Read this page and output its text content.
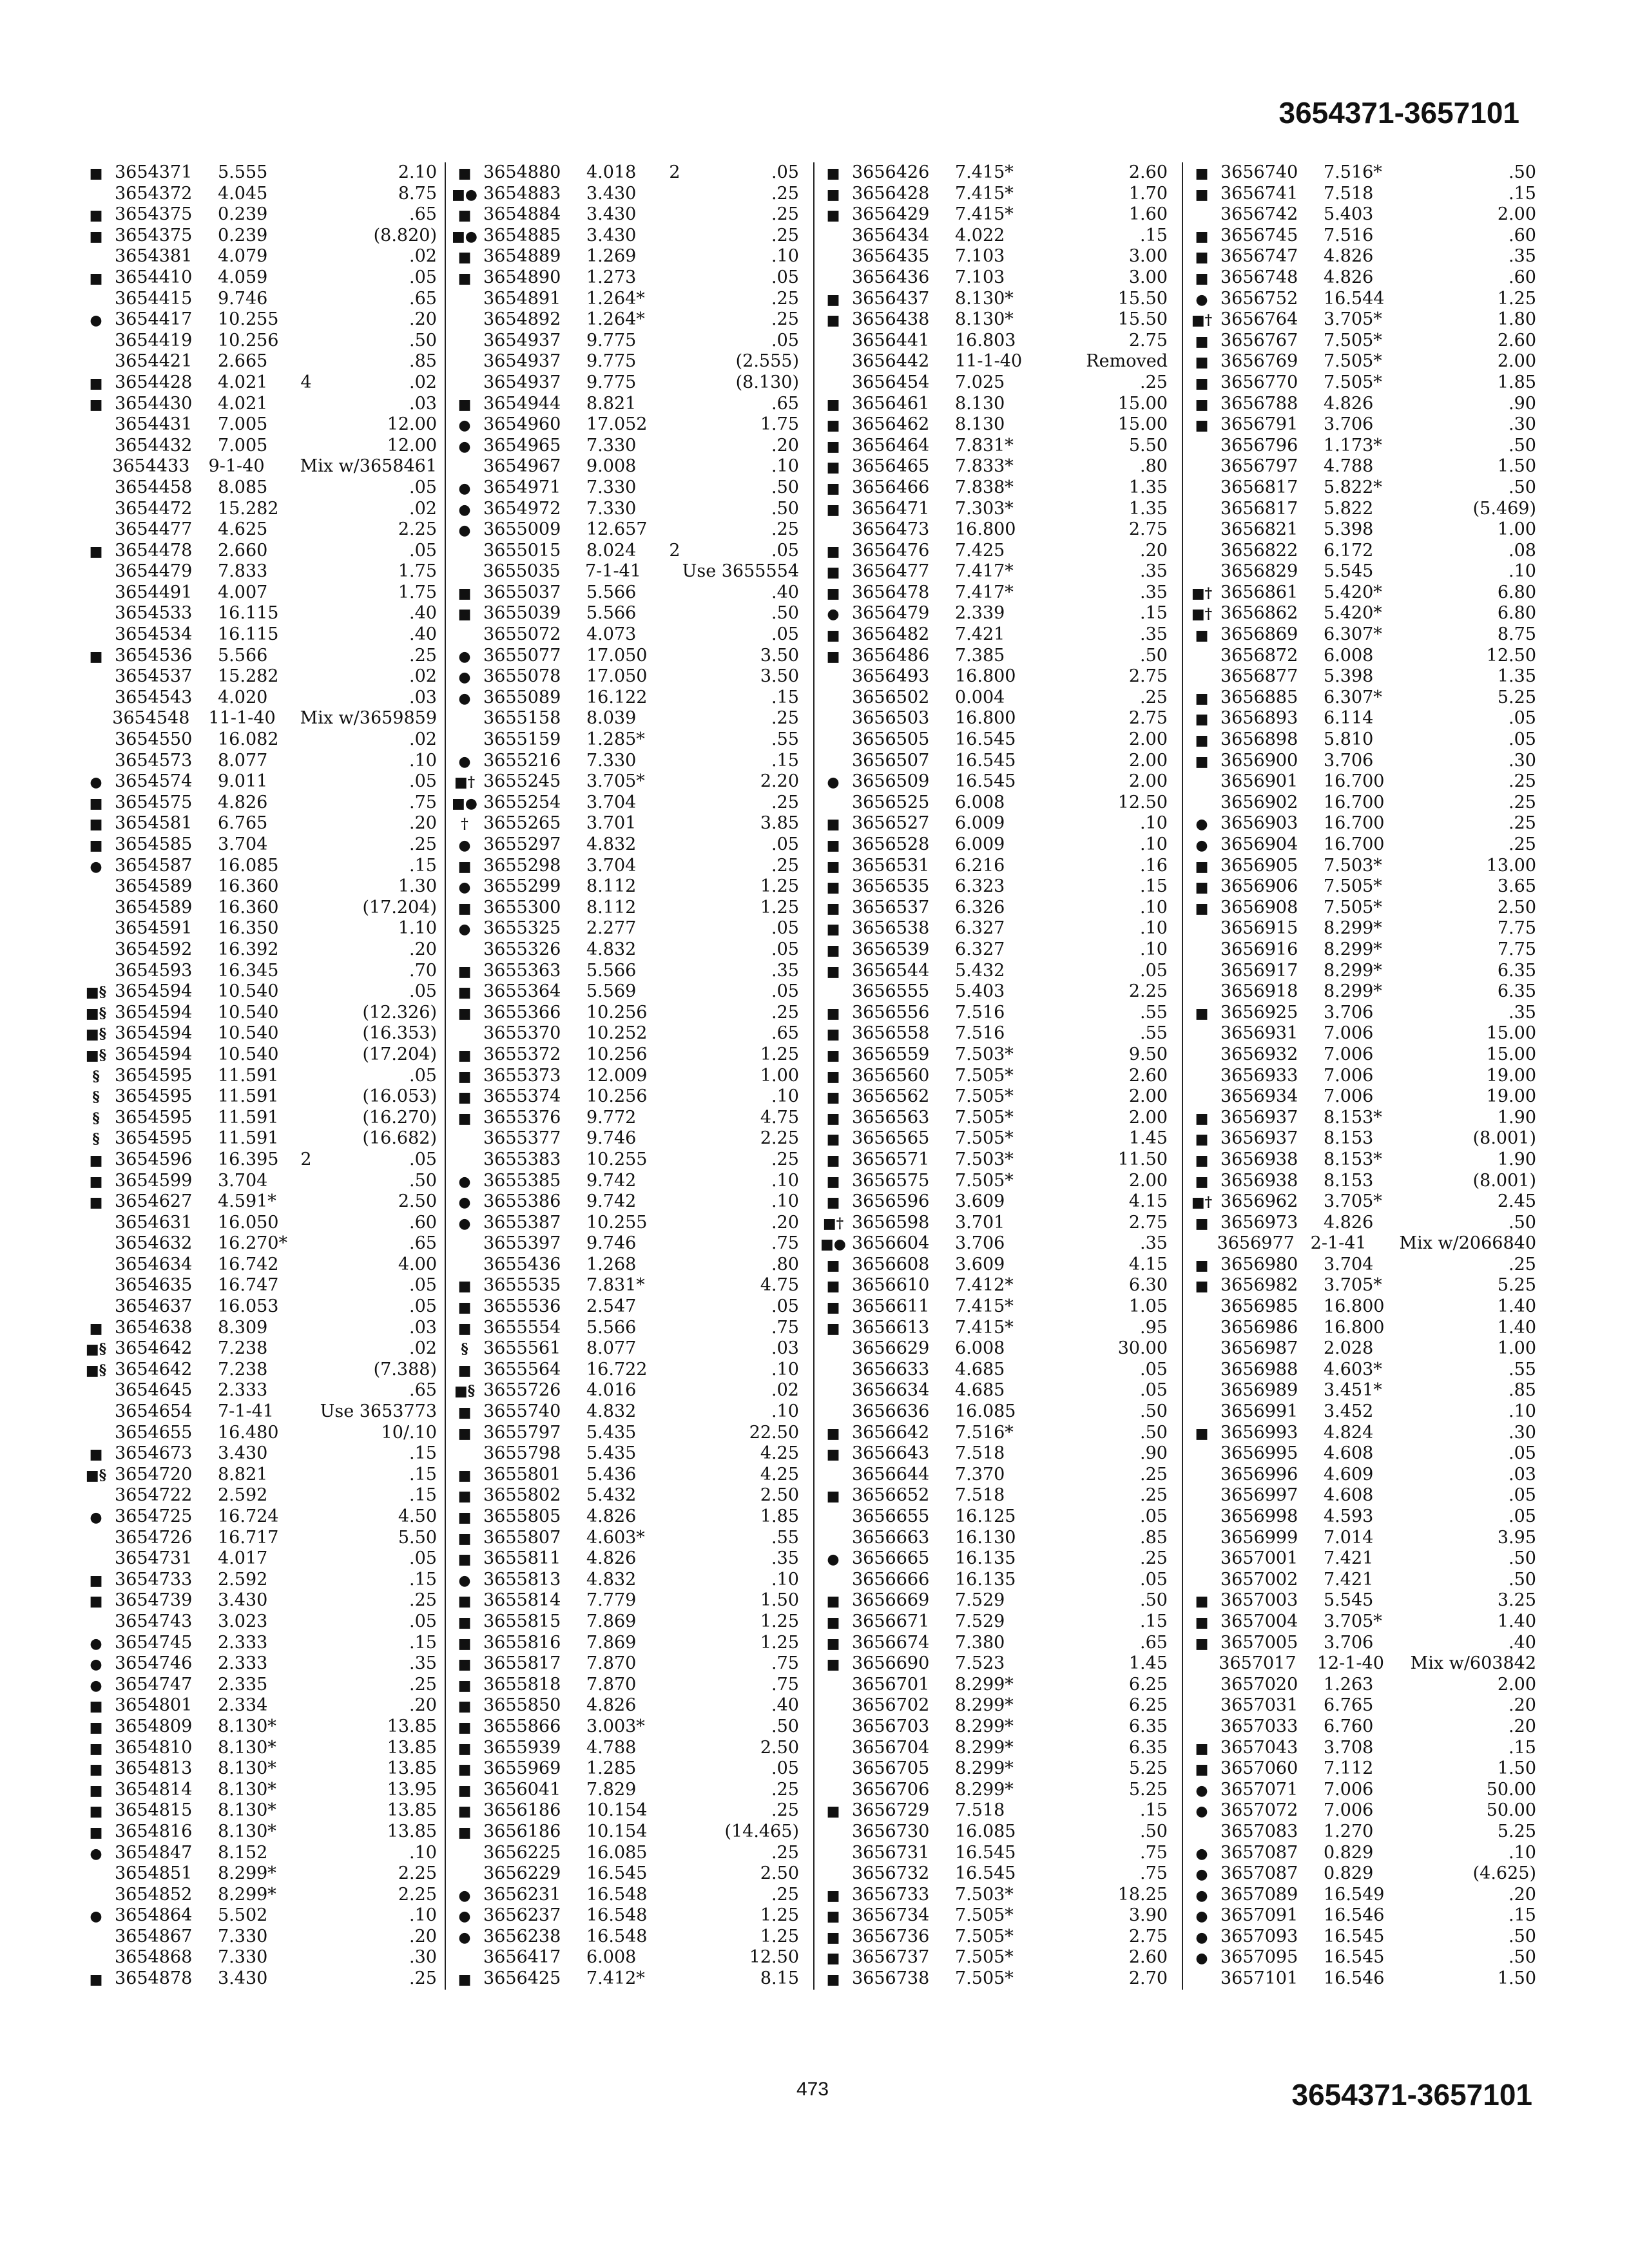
3654371-3657101
■ 3654371	5.555	2.10
3654372	4.045	8.75
■ 3654375	0.239	.65
■ 3654375	0.239	(8.820)
3654381	4.079	.02
■ 3654410	4.059	.05
3654415	9.746	.65
● 3654417	10.255	.20
3654419	10.256	.50
3654421	2.665	.85
■ 3654428	4.021	4	.02
■ 3654430	4.021	.03
3654431	7.005	12.00
3654432	7.005	12.00
3654433	9-1-40	Mix w/3658461
3654458	8.085	.05
3654472	15.282	.02
3654477	4.625	2.25
■ 3654478	2.660	.05
3654479	7.833	1.75
3654491	4.007	1.75
3654533	16.115	.40
3654534	16.115	.40
■ 3654536	5.566	.25
3654537	15.282	.02
3654543	4.020	.03
3654548	11-1-40	Mix w/3659859
3654550	16.082	.02
3654573	8.077	.10
● 3654574	9.011	.05
■ 3654575	4.826	.75
■ 3654581	6.765	.20
■ 3654585	3.704	.25
● 3654587	16.085	.15
3654589	16.360	1.30
3654589	16.360	(17.204)
3654591	16.350	1.10
3654592	16.392	.20
3654593	16.345	.70
■§ 3654594	10.540	.05
■§ 3654594	10.540	(12.326)
■§ 3654594	10.540	(16.353)
■§ 3654594	10.540	(17.204)
§ 3654595	11.591	.05
§ 3654595	11.591	(16.053)
§ 3654595	11.591	(16.270)
§ 3654595	11.591	(16.682)
■ 3654596	16.395	2	.05
■ 3654599	3.704	.50
■ 3654627	4.591*	2.50
3654631	16.050	.60
3654632	16.270*	.65
3654634	16.742	4.00
3654635	16.747	.05
3654637	16.053	.05
■ 3654638	8.309	.03
■§ 3654642	7.238	.02
■§ 3654642	7.238	(7.388)
3654645	2.333	.65
3654654	7-1-41	Use 3653773
3654655	16.480	10/.10
■ 3654673	3.430	.15
■§ 3654720	8.821	.15
3654722	2.592	.15
● 3654725	16.724	4.50
3654726	16.717	5.50
3654731	4.017	.05
■ 3654733	2.592	.15
■ 3654739	3.430	.25
3654743	3.023	.05
● 3654745	2.333	.15
● 3654746	2.333	.35
● 3654747	2.335	.25
■ 3654801	2.334	.20
■ 3654809	8.130*	13.85
■ 3654810	8.130*	13.85
■ 3654813	8.130*	13.85
■ 3654814	8.130*	13.95
■ 3654815	8.130*	13.85
■ 3654816	8.130*	13.85
● 3654847	8.152	.10
3654851	8.299*	2.25
3654852	8.299*	2.25
● 3654864	5.502	.10
3654867	7.330	.20
3654868	7.330	.30
■ 3654878	3.430	.25
■ 3654880	4.018	2	.05
■● 3654883	3.430	.25
■ 3654884	3.430	.25
■● 3654885	3.430	.25
■ 3654889	1.269	.10
■ 3654890	1.273	.05
3654891	1.264*	.25
3654892	1.264*	.25
3654937	9.775	.05
3654937	9.775	(2.555)
3654937	9.775	(8.130)
■ 3654944	8.821	.65
● 3654960	17.052	1.75
● 3654965	7.330	.20
3654967	9.008	.10
● 3654971	7.330	.50
● 3654972	7.330	.50
● 3655009	12.657	.25
3655015	8.024	2	.05
3655035	7-1-41	Use 3655554
■ 3655037	5.566	.40
■ 3655039	5.566	.50
3655072	4.073	.05
● 3655077	17.050	3.50
● 3655078	17.050	3.50
● 3655089	16.122	.15
3655158	8.039	.25
3655159	1.285*	.55
● 3655216	7.330	.15
■† 3655245	3.705*	2.20
■● 3655254	3.704	.25
† 3655265	3.701	3.85
● 3655297	4.832	.05
■ 3655298	3.704	.25
● 3655299	8.112	1.25
■ 3655300	8.112	1.25
● 3655325	2.277	.05
3655326	4.832	.05
■ 3655363	5.566	.35
■ 3655364	5.569	.05
■ 3655366	10.256	.25
3655370	10.252	.65
■ 3655372	10.256	1.25
■ 3655373	12.009	1.00
■ 3655374	10.256	.10
■ 3655376	9.772	4.75
3655377	9.746	2.25
3655383	10.255	.25
● 3655385	9.742	.10
● 3655386	9.742	.10
● 3655387	10.255	.20
3655397	9.746	.75
3655436	1.268	.80
■ 3655535	7.831*	4.75
■ 3655536	2.547	.05
■ 3655554	5.566	.75
§ 3655561	8.077	.03
■ 3655564	16.722	.10
■§ 3655726	4.016	.02
■ 3655740	4.832	.10
■ 3655797	5.435	22.50
3655798	5.435	4.25
■ 3655801	5.436	4.25
■ 3655802	5.432	2.50
■ 3655805	4.826	1.85
■ 3655807	4.603*	.55
■ 3655811	4.826	.35
● 3655813	4.832	.10
■ 3655814	7.779	1.50
■ 3655815	7.869	1.25
■ 3655816	7.869	1.25
■ 3655817	7.870	.75
■ 3655818	7.870	.75
■ 3655850	4.826	.40
■ 3655866	3.003*	.50
■ 3655939	4.788	2.50
■ 3655969	1.285	.05
■ 3656041	7.829	.25
■ 3656186	10.154	.25
■ 3656186	10.154	(14.465)
3656225	16.085	.25
3656229	16.545	2.50
● 3656231	16.548	.25
● 3656237	16.548	1.25
● 3656238	16.548	1.25
3656417	6.008	12.50
■ 3656425	7.412*	8.15
■ 3656426	7.415*	2.60
■ 3656428	7.415*	1.70
■ 3656429	7.415*	1.60
3656434	4.022	.15
3656435	7.103	3.00
3656436	7.103	3.00
■ 3656437	8.130*	15.50
■ 3656438	8.130*	15.50
3656441	16.803	2.75
3656442	11-1-40	Removed
3656454	7.025	.25
■ 3656461	8.130	15.00
■ 3656462	8.130	15.00
■ 3656464	7.831*	5.50
■ 3656465	7.833*	.80
■ 3656466	7.838*	1.35
■ 3656471	7.303*	1.35
3656473	16.800	2.75
■ 3656476	7.425	.20
■ 3656477	7.417*	.35
■ 3656478	7.417*	.35
● 3656479	2.339	.15
■ 3656482	7.421	.35
■ 3656486	7.385	.50
3656493	16.800	2.75
3656502	0.004	.25
3656503	16.800	2.75
3656505	16.545	2.00
3656507	16.545	2.00
● 3656509	16.545	2.00
3656525	6.008	12.50
■ 3656527	6.009	.10
■ 3656528	6.009	.10
■ 3656531	6.216	.16
■ 3656535	6.323	.15
■ 3656537	6.326	.10
■ 3656538	6.327	.10
■ 3656539	6.327	.10
■ 3656544	5.432	.05
3656555	5.403	2.25
■ 3656556	7.516	.55
■ 3656558	7.516	.55
■ 3656559	7.503*	9.50
■ 3656560	7.505*	2.60
■ 3656562	7.505*	2.00
■ 3656563	7.505*	2.00
■ 3656565	7.505*	1.45
■ 3656571	7.503*	11.50
■ 3656575	7.505*	2.00
■ 3656596	3.609	4.15
■† 3656598	3.701	2.75
■● 3656604	3.706	.35
■ 3656608	3.609	4.15
■ 3656610	7.412*	6.30
■ 3656611	7.415*	1.05
■ 3656613	7.415*	.95
3656629	6.008	30.00
3656633	4.685	.05
3656634	4.685	.05
3656636	16.085	.50
■ 3656642	7.516*	.50
■ 3656643	7.518	.90
3656644	7.370	.25
■ 3656652	7.518	.25
3656655	16.125	.05
3656663	16.130	.85
● 3656665	16.135	.25
3656666	16.135	.05
■ 3656669	7.529	.50
■ 3656671	7.529	.15
■ 3656674	7.380	.65
■ 3656690	7.523	1.45
3656701	8.299*	6.25
3656702	8.299*	6.25
3656703	8.299*	6.35
3656704	8.299*	6.35
3656705	8.299*	5.25
3656706	8.299*	5.25
■ 3656729	7.518	.15
3656730	16.085	.50
3656731	16.545	.75
3656732	16.545	.75
■ 3656733	7.503*	18.25
■ 3656734	7.505*	3.90
■ 3656736	7.505*	2.75
■ 3656737	7.505*	2.60
■ 3656738	7.505*	2.70
■ 3656740	7.516*	.50
■ 3656741	7.518	.15
3656742	5.403	2.00
■ 3656745	7.516	.60
■ 3656747	4.826	.35
■ 3656748	4.826	.60
● 3656752	16.544	1.25
■† 3656764	3.705*	1.80
■ 3656767	7.505*	2.60
■ 3656769	7.505*	2.00
■ 3656770	7.505*	1.85
■ 3656788	4.826	.90
■ 3656791	3.706	.30
3656796	1.173*	.50
3656797	4.788	1.50
3656817	5.822*	.50
3656817	5.822	(5.469)
3656821	5.398	1.00
3656822	6.172	.08
3656829	5.545	.10
■† 3656861	5.420*	6.80
■† 3656862	5.420*	6.80
■ 3656869	6.307*	8.75
3656872	6.008	12.50
3656877	5.398	1.35
■ 3656885	6.307*	5.25
■ 3656893	6.114	.05
■ 3656898	5.810	.05
■ 3656900	3.706	.30
3656901	16.700	.25
3656902	16.700	.25
● 3656903	16.700	.25
● 3656904	16.700	.25
■ 3656905	7.503*	13.00
■ 3656906	7.505*	3.65
■ 3656908	7.505*	2.50
3656915	8.299*	7.75
3656916	8.299*	7.75
3656917	8.299*	6.35
3656918	8.299*	6.35
■ 3656925	3.706	.35
3656931	7.006	15.00
3656932	7.006	15.00
3656933	7.006	19.00
3656934	7.006	19.00
■ 3656937	8.153*	1.90
■ 3656937	8.153	(8.001)
■ 3656938	8.153*	1.90
■ 3656938	8.153	(8.001)
■† 3656962	3.705*	2.45
■ 3656973	4.826	.50
3656977 2-1-41	Mix w/2066840
■ 3656980	3.704	.25
■ 3656982	3.705*	5.25
3656985	16.800	1.40
3656986	16.800	1.40
3656987	2.028	1.00
3656988	4.603*	.55
3656989	3.451*	.85
3656991	3.452	.10
■ 3656993	4.824	.30
3656995	4.608	.05
3656996	4.609	.03
3656997	4.608	.05
3656998	4.593	.05
3656999	7.014	3.95
3657001	7.421	.50
3657002	7.421	.50
■ 3657003	5.545	3.25
■ 3657004	3.705*	1.40
■ 3657005	3.706	.40
3657017	12-1-40	Mix w/603842
3657020	1.263	2.00
3657031	6.765	.20
3657033	6.760	.20
■ 3657043	3.708	.15
■ 3657060	7.112	1.50
● 3657071	7.006	50.00
● 3657072	7.006	50.00
3657083	1.270	5.25
● 3657087	0.829	.10
● 3657087	0.829	(4.625)
● 3657089	16.549	.20
● 3657091	16.546	.15
● 3657093	16.545	.50
● 3657095	16.545	.50
3657101	16.546	1.50
473	3654371-3657101
